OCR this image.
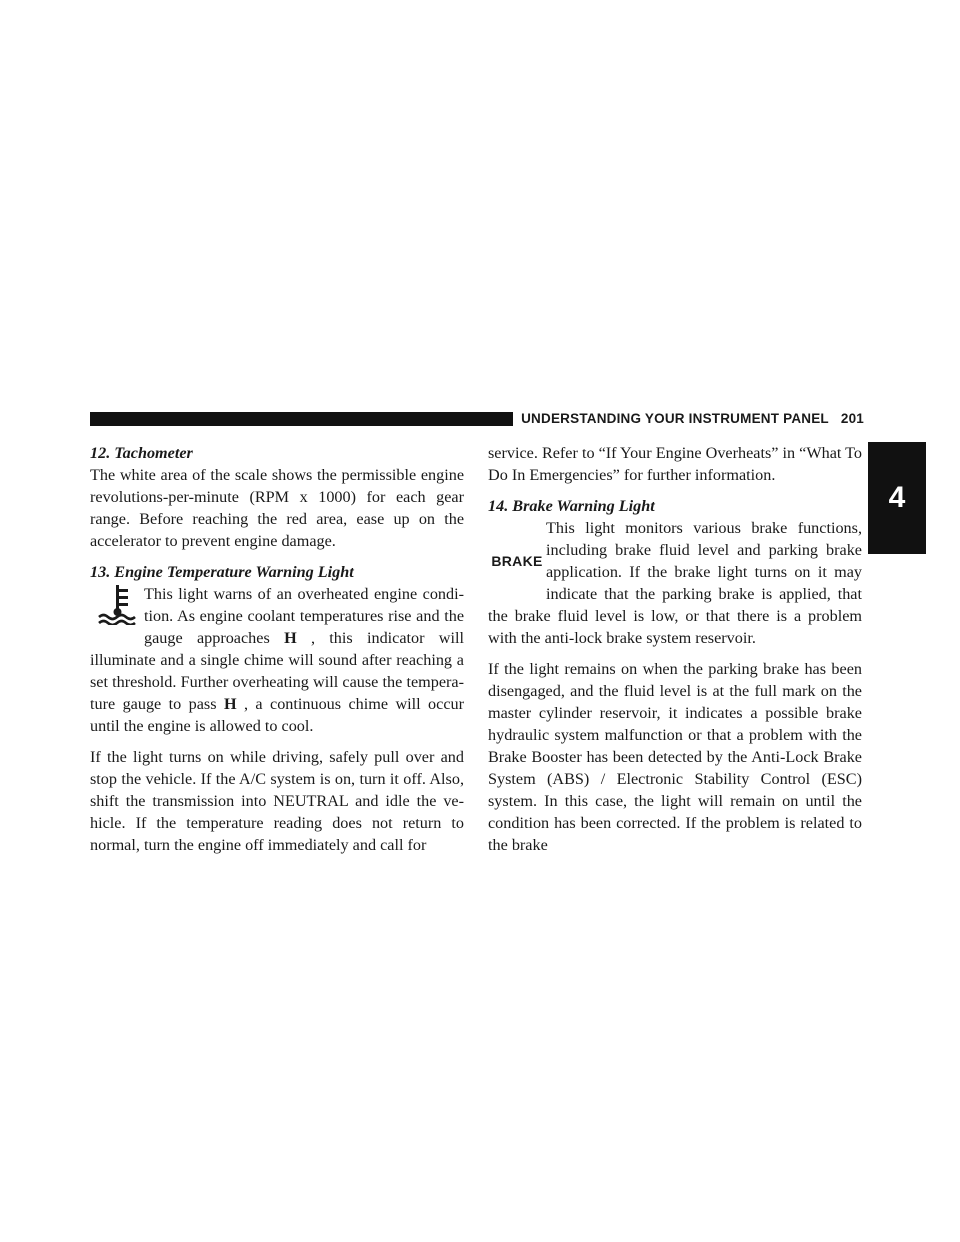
UNDERSTANDING YOUR INSTRUMENT PANEL 201
4
12. Tachometer

The white area of the scale shows the permissible engine revolutions-per-minute (RPM x 1000) for each gear range. Before reaching the red area, ease up on the accelerator to prevent engine damage.

13. Engine Temperature Warning Light

This light warns of an overheated engine condi-tion. As engine coolant temperatures rise and the gauge approaches H , this indicator will illuminate and a single chime will sound after reaching a set threshold. Further overheating will cause the tempera-ture gauge to pass H , a continuous chime will occur until the engine is allowed to cool.

If the light turns on while driving, safely pull over and stop the vehicle. If the A/C system is on, turn it off. Also, shift the transmission into NEUTRAL and idle the ve-hicle. If the temperature reading does not return to normal, turn the engine off immediately and call for

service. Refer to “If Your Engine Overheats” in “What To Do In Emergencies” for further information.

14. Brake Warning Light

BRAKE
This light monitors various brake functions, including brake fluid level and parking brake application. If the brake light turns on it may indicate that the parking brake is applied, that the brake fluid level is low, or that there is a problem with the anti-lock brake system reservoir.

If the light remains on when the parking brake has been disengaged, and the fluid level is at the full mark on the master cylinder reservoir, it indicates a possible brake hydraulic system malfunction or that a problem with the Brake Booster has been detected by the Anti-Lock Brake System (ABS) / Electronic Stability Control (ESC) system. In this case, the light will remain on until the condition has been corrected. If the problem is related to the brake
